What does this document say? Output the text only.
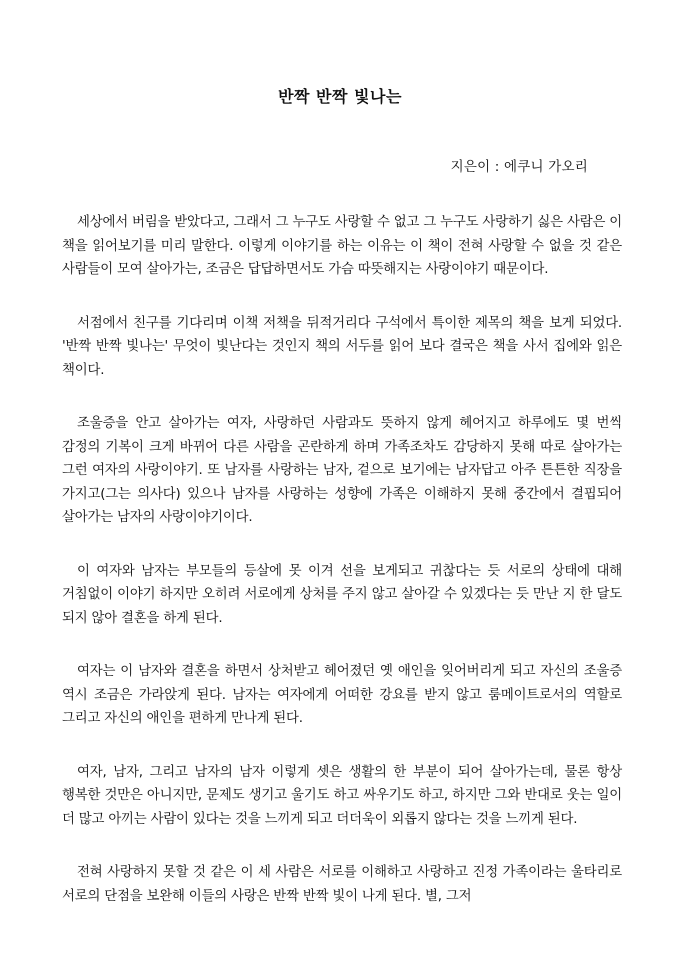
반짝 반짝 빛나는
지은이 : 에쿠니 가오리

세상에서 버림을 받았다고, 그래서 그 누구도 사랑할 수 없고 그 누구도 사랑하기 싫은 사람은 이 책을 읽어보기를 미리 말한다. 이렇게 이야기를 하는 이유는 이 책이 전혀 사랑할 수 없을 것 같은 사람들이 모여 살아가는, 조금은 답답하면서도 가슴 따뜻해지는 사랑이야기 때문이다.

서점에서 친구를 기다리며 이책 저책을 뒤적거리다 구석에서 특이한 제목의 책을 보게 되었다. '반짝 반짝 빛나는' 무엇이 빛난다는 것인지 책의 서두를 읽어 보다 결국은 책을 사서 집에와 읽은 책이다.

조울증을 안고 살아가는 여자, 사랑하던 사람과도 뜻하지 않게 헤어지고 하루에도 몇 번씩 감정의 기복이 크게 바뀌어 다른 사람을 곤란하게 하며 가족조차도 감당하지 못해 따로 살아가는 그런 여자의 사랑이야기. 또 남자를 사랑하는 남자, 겉으로 보기에는 남자답고 아주 튼튼한 직장을 가지고(그는 의사다) 있으나 남자를 사랑하는 성향에 가족은 이해하지 못해 중간에서 결핍되어 살아가는 남자의 사랑이야기이다.

이 여자와 남자는 부모들의 등살에 못 이겨 선을 보게되고 귀찮다는 듯 서로의 상태에 대해 거침없이 이야기 하지만 오히려 서로에게 상처를 주지 않고 살아갈 수 있겠다는 듯 만난 지 한 달도 되지 않아 결혼을 하게 된다.

여자는 이 남자와 결혼을 하면서 상처받고 헤어졌던 옛 애인을 잊어버리게 되고 자신의 조울증 역시 조금은 가라앉게 된다. 남자는 여자에게 어떠한 강요를 받지 않고 룸메이트로서의 역할로 그리고 자신의 애인을 편하게 만나게 된다.

여자, 남자, 그리고 남자의 남자 이렇게 셋은 생활의 한 부분이 되어 살아가는데, 물론 항상 행복한 것만은 아니지만, 문제도 생기고 울기도 하고 싸우기도 하고, 하지만 그와 반대로 웃는 일이 더 많고 아끼는 사람이 있다는 것을 느끼게 되고 더더욱이 외롭지 않다는 것을 느끼게 된다.

전혀 사랑하지 못할 것 같은 이 세 사람은 서로를 이해하고 사랑하고 진정 가족이라는 울타리로 서로의 단점을 보완해 이들의 사랑은 반짝 반짝 빛이 나게 된다. 별, 그저
